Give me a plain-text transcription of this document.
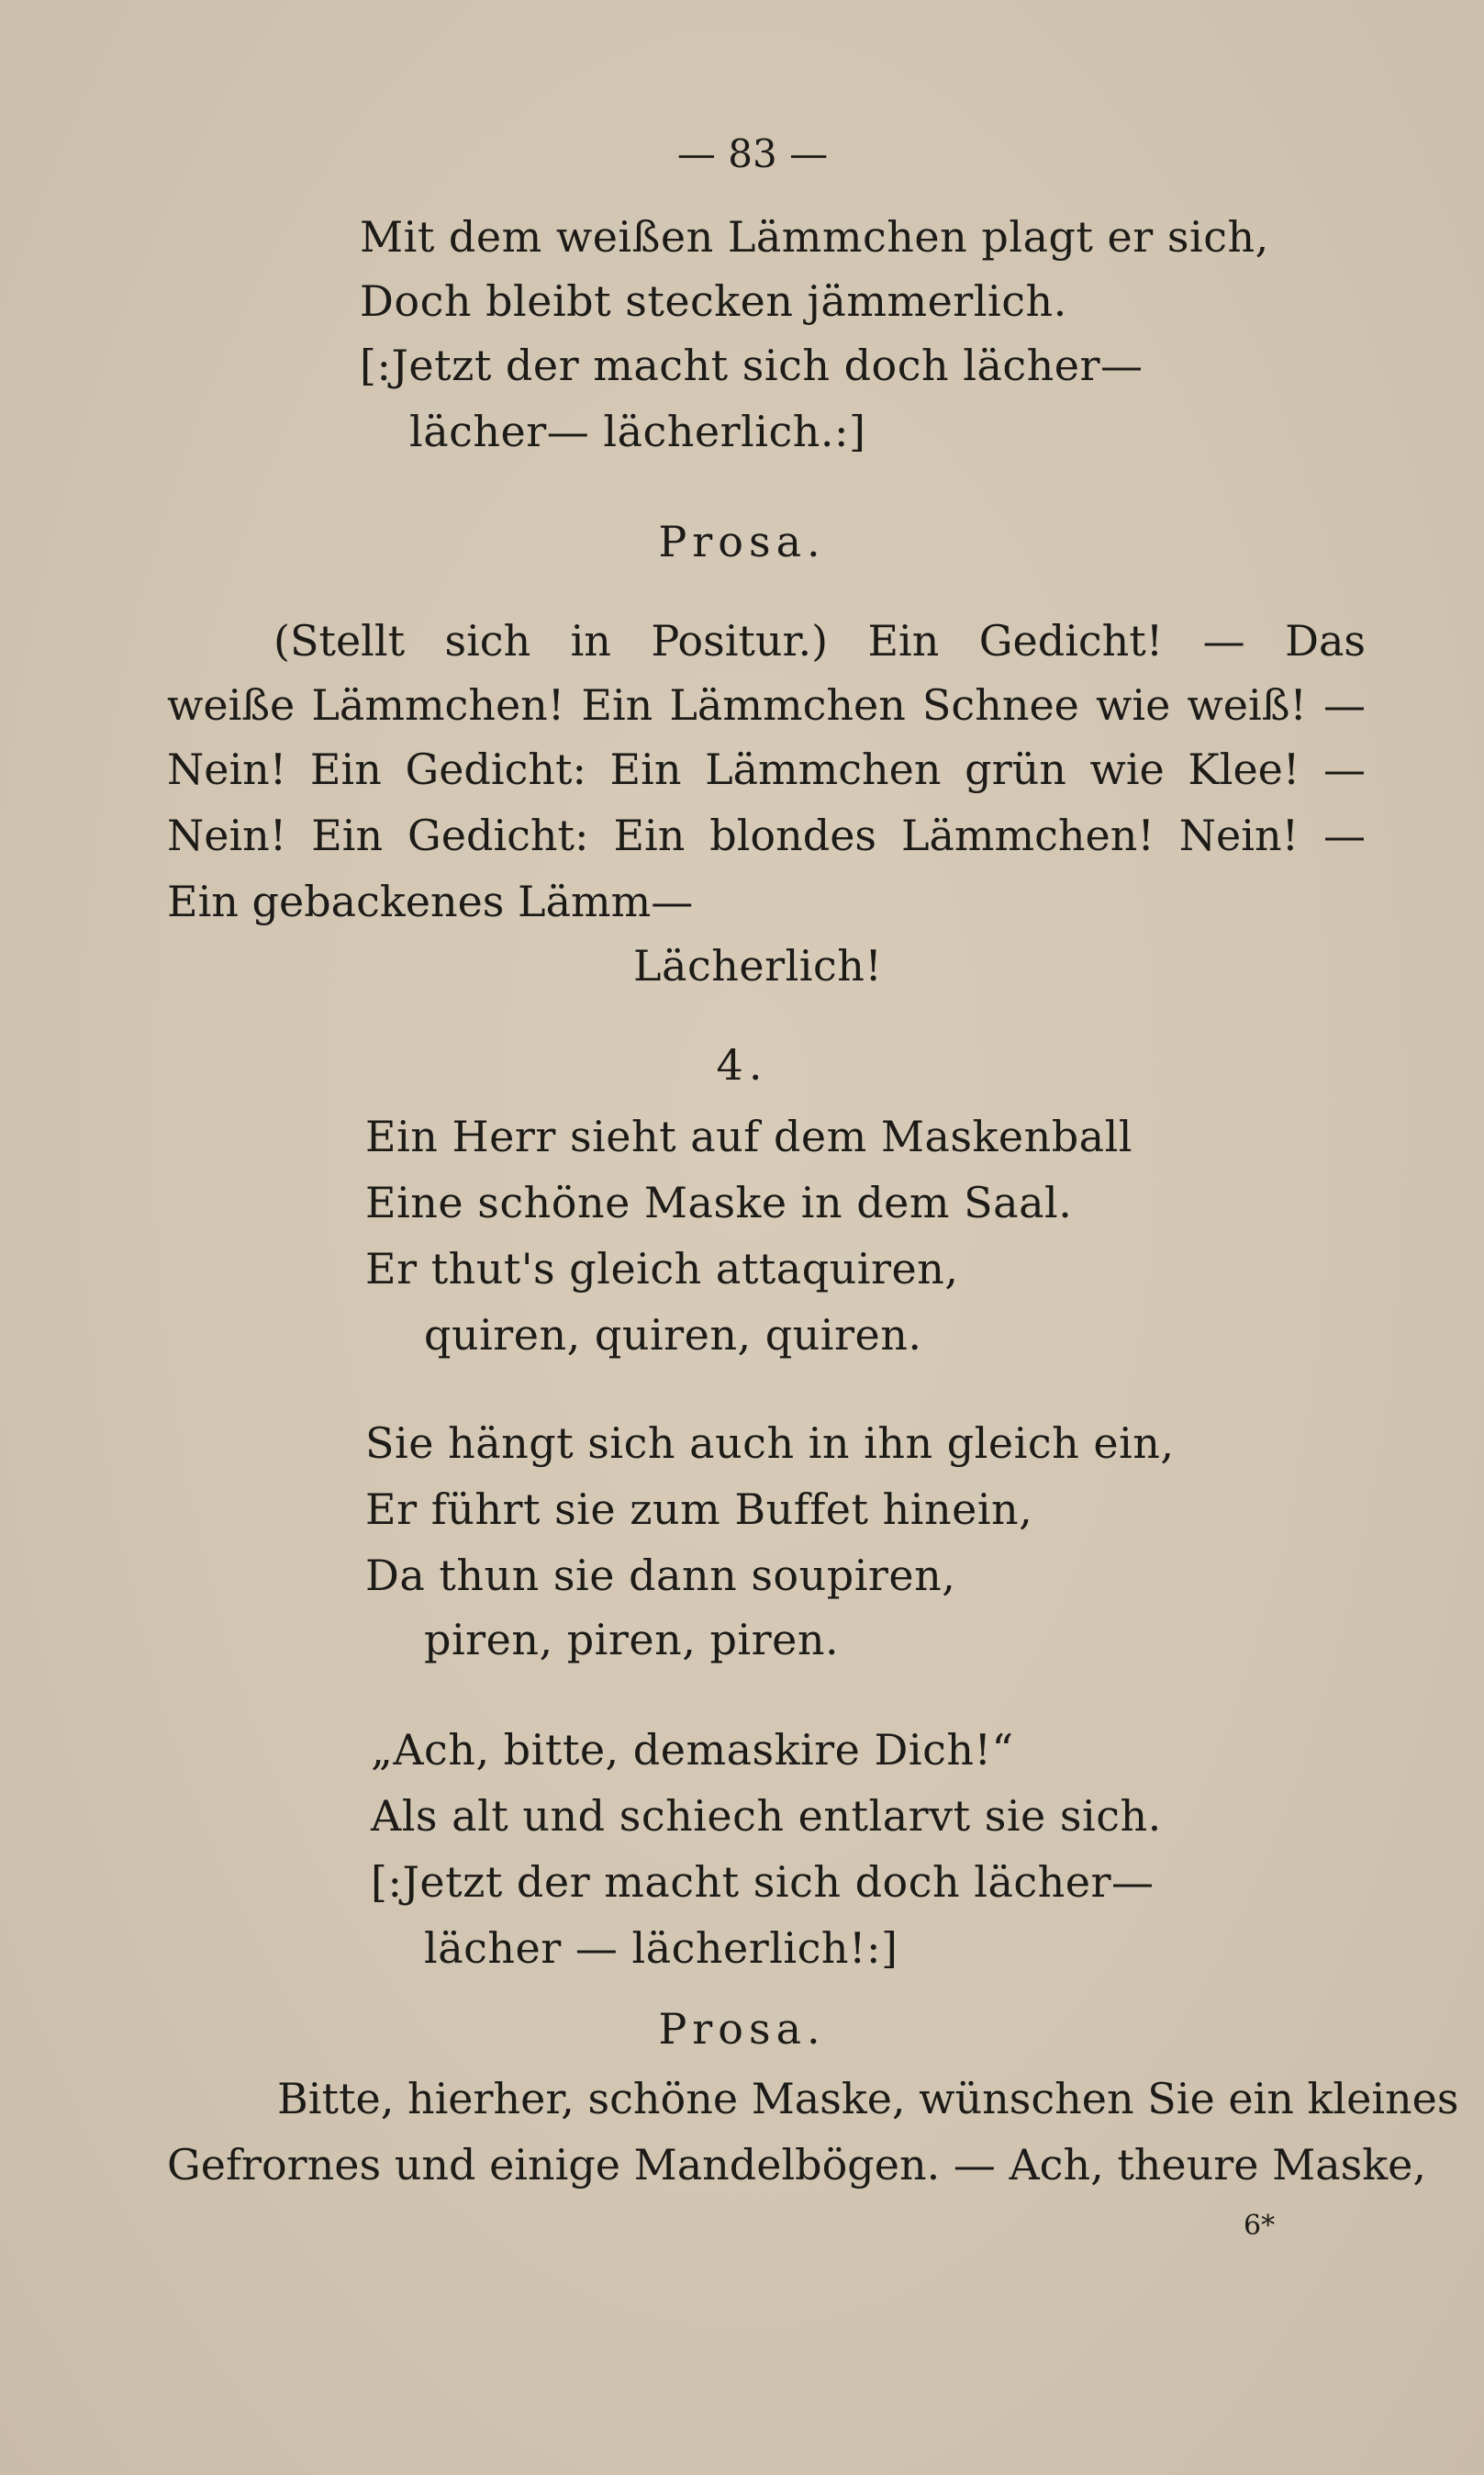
— 83 —
Mit dem weißen Lämmchen plagt er sich,
Doch bleibt stecken jämmerlich.
[:Jetzt der macht sich doch lächer—
lächer— lächerlich.:]
Prosa.
(Stellt sich in Positur.) Ein Gedicht! — Das
weiße Lämmchen! Ein Lämmchen Schnee wie weiß! —
Nein! Ein Gedicht: Ein Lämmchen grün wie Klee! —
Nein! Ein Gedicht: Ein blondes Lämmchen! Nein! —
Ein gebackenes Lämm—
Lächerlich!
4.
Ein Herr sieht auf dem Maskenball
Eine schöne Maske in dem Saal.
Er thut's gleich attaquiren,
quiren, quiren, quiren.
Sie hängt sich auch in ihn gleich ein,
Er führt sie zum Buffet hinein,
Da thun sie dann soupiren,
piren, piren, piren.
„Ach, bitte, demaskire Dich!“
Als alt und schiech entlarvt sie sich.
[:Jetzt der macht sich doch lächer—
lächer — lächerlich!:]
Prosa.
Bitte, hierher, schöne Maske, wünschen Sie ein kleines
Gefrornes und einige Mandelbögen. — Ach, theure Maske,
6*
